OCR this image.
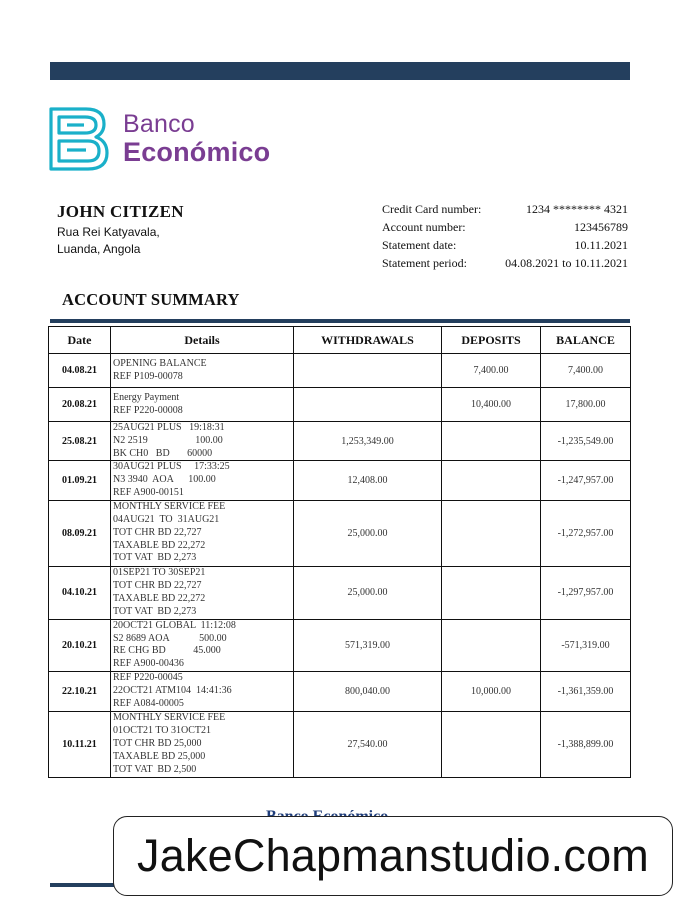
Banco
Económico
JOHN CITIZEN
Rua Rei Katyavala,
Luanda, Angola
Credit Card number:	1234 ******** 4321
Account number:	123456789
Statement date:	10.11.2021
Statement period:	04.08.2021 to 10.11.2021
ACCOUNT SUMMARY
Date	Details	WITHDRAWALS	DEPOSITS	BALANCE
04.08.21	OPENING BALANCE
REF P109-00078		7,400.00	7,400.00
20.08.21	Energy Payment
REF P220-00008		10,400.00	17,800.00
25.08.21	25AUG21 PLUS   19:18:31
N2 2519                   100.00
BK CH0   BD       60000	1,253,349.00		-1,235,549.00
01.09.21	30AUG21 PLUS     17:33:25
N3 3940  AOA      100.00
REF A900-00151	12,408.00		-1,247,957.00
08.09.21	MONTHLY SERVICE FEE
04AUG21  TO  31AUG21
TOT CHR BD 22,727
TAXABLE BD 22,272
TOT VAT  BD 2,273	25,000.00		-1,272,957.00
04.10.21	01SEP21 TO 30SEP21
TOT CHR BD 22,727
TAXABLE BD 22,272
TOT VAT  BD 2,273	25,000.00		-1,297,957.00
20.10.21	20OCT21 GLOBAL  11:12:08
S2 8689 AOA            500.00
RE CHG BD           45.000
REF A900-00436	571,319.00		-571,319.00
22.10.21	REF P220-00045
22OCT21 ATM104  14:41:36
REF A084-00005	800,040.00	10,000.00	-1,361,359.00
10.11.21	MONTHLY SERVICE FEE
01OCT21 TO 31OCT21
TOT CHR BD 25,000
TAXABLE BD 25,000
TOT VAT  BD 2,500	27,540.00		-1,388,899.00
JakeChapmanstudio.com
